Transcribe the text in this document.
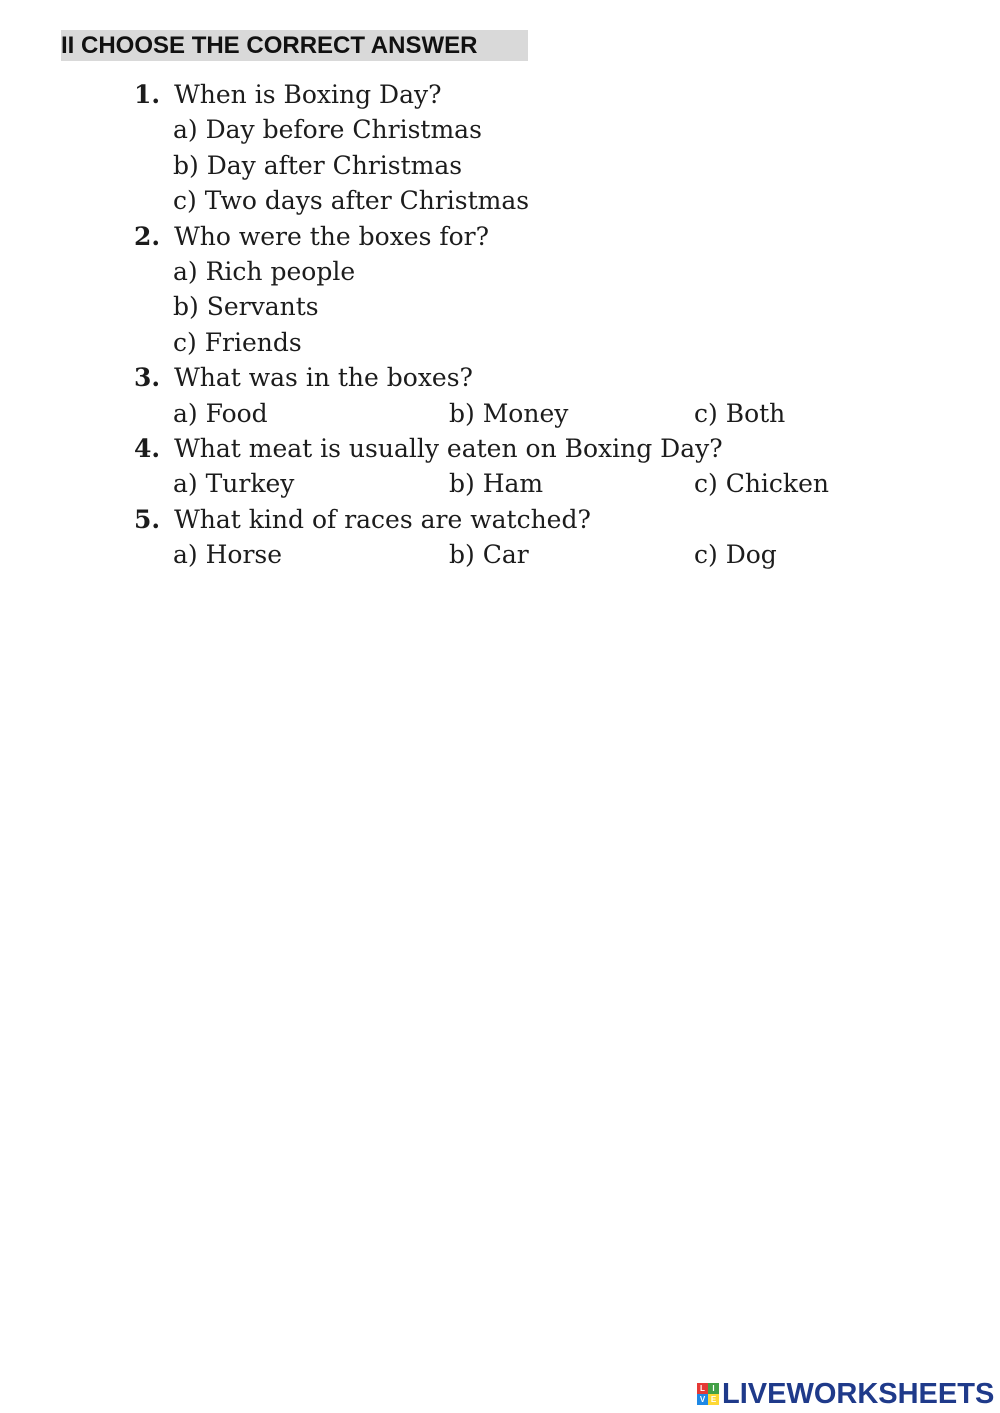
II CHOOSE THE CORRECT ANSWER
1. When is Boxing Day?
a) Day before Christmas
b) Day after Christmas
c) Two days after Christmas
2. Who were the boxes for?
a) Rich people
b) Servants
c) Friends
3. What was in the boxes?
a) Food	b) Money	c) Both
4. What meat is usually eaten on Boxing Day?
a) Turkey	b) Ham	c) Chicken
5. What kind of races are watched?
a) Horse	b) Car	c) Dog
L I
V E LIVEWORKSHEETS
